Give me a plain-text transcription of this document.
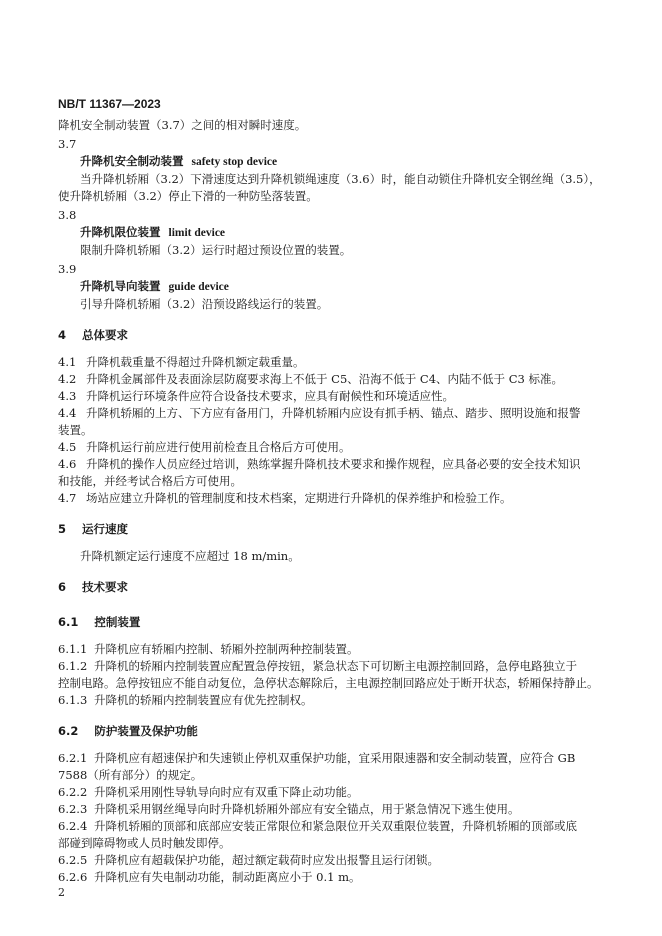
NB/T 11367—2023
降机安全制动装置（3.7）之间的相对瞬时速度。
3.7
升降机安全制动装置 safety stop device
当升降机轿厢（3.2）下滑速度达到升降机锁绳速度（3.6）时，能自动锁住升降机安全钢丝绳（3.5），
使升降机轿厢（3.2）停止下滑的一种防坠落装置。
3.8
升降机限位装置 limit device
限制升降机轿厢（3.2）运行时超过预设位置的装置。
3.9
升降机导向装置 guide device
引导升降机轿厢（3.2）沿预设路线运行的装置。
4 总体要求
4.1 升降机载重量不得超过升降机额定载重量。
4.2 升降机金属部件及表面涂层防腐要求海上不低于 C5、沿海不低于 C4、内陆不低于 C3 标准。
4.3 升降机运行环境条件应符合设备技术要求，应具有耐候性和环境适应性。
4.4 升降机轿厢的上方、下方应有备用门，升降机轿厢内应设有抓手柄、锚点、踏步、照明设施和报警
装置。
4.5 升降机运行前应进行使用前检查且合格后方可使用。
4.6 升降机的操作人员应经过培训，熟练掌握升降机技术要求和操作规程，应具备必要的安全技术知识
和技能，并经考试合格后方可使用。
4.7 场站应建立升降机的管理制度和技术档案，定期进行升降机的保养维护和检验工作。
5 运行速度
升降机额定运行速度不应超过 18 m/min。
6 技术要求
6.1 控制装置
6.1.1 升降机应有轿厢内控制、轿厢外控制两种控制装置。
6.1.2 升降机的轿厢内控制装置应配置急停按钮，紧急状态下可切断主电源控制回路，急停电路独立于
控制电路。急停按钮应不能自动复位，急停状态解除后，主电源控制回路应处于断开状态，轿厢保持静止。
6.1.3 升降机的轿厢内控制装置应有优先控制权。
6.2 防护装置及保护功能
6.2.1 升降机应有超速保护和失速锁止停机双重保护功能，宜采用限速器和安全制动装置，应符合 GB
7588（所有部分）的规定。
6.2.2 升降机采用刚性导轨导向时应有双重下降止动功能。
6.2.3 升降机采用钢丝绳导向时升降机轿厢外部应有安全锚点，用于紧急情况下逃生使用。
6.2.4 升降机轿厢的顶部和底部应安装正常限位和紧急限位开关双重限位装置，升降机轿厢的顶部或底
部碰到障碍物或人员时触发即停。
6.2.5 升降机应有超载保护功能，超过额定载荷时应发出报警且运行闭锁。
6.2.6 升降机应有失电制动功能，制动距离应小于 0.1 m。
2
